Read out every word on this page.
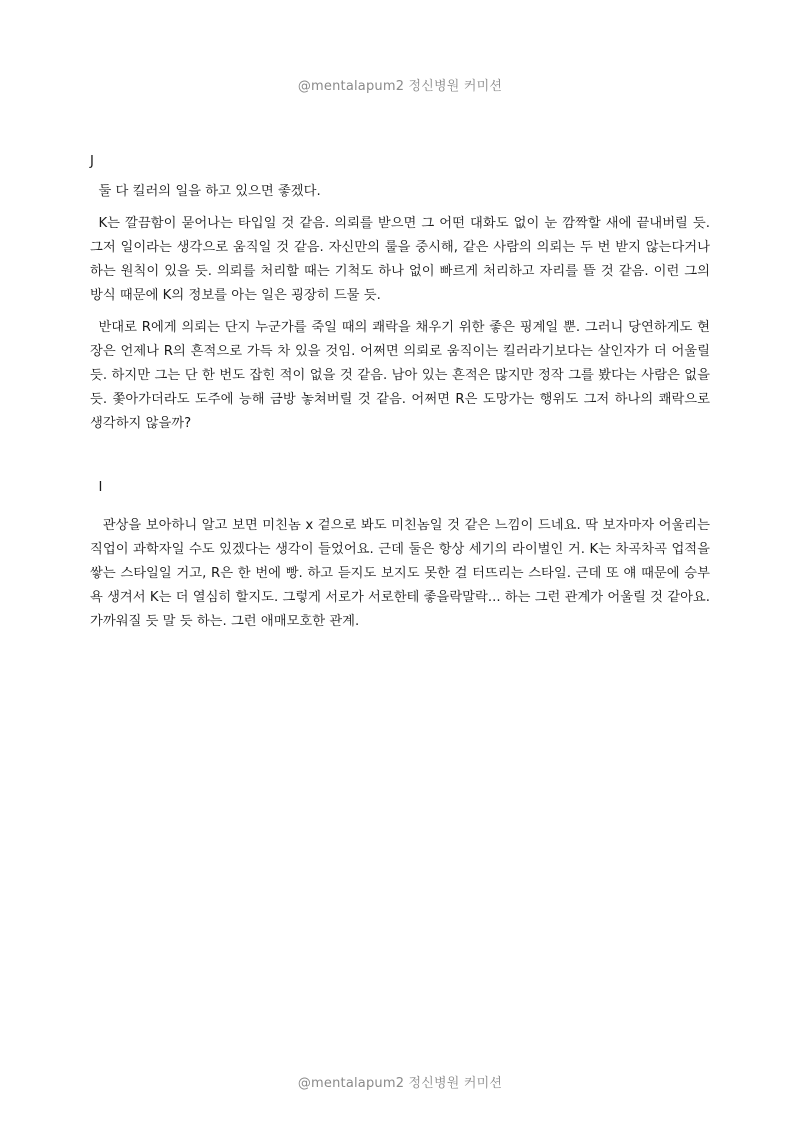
@mentalapum2 정신병원 커미션

J

둘 다 킬러의 일을 하고 있으면 좋겠다.

K는 깔끔함이 묻어나는 타입일 것 같음. 의뢰를 받으면 그 어떤 대화도 없이 눈 깜짝할 새에 끝내버릴 듯. 그저 일이라는 생각으로 움직일 것 같음. 자신만의 룰을 중시해, 같은 사람의 의뢰는 두 번 받지 않는다거나 하는 원칙이 있을 듯. 의뢰를 처리할 때는 기척도 하나 없이 빠르게 처리하고 자리를 뜰 것 같음. 이런 그의 방식 때문에 K의 정보를 아는 일은 굉장히 드물 듯.

반대로 R에게 의뢰는 단지 누군가를 죽일 때의 쾌락을 채우기 위한 좋은 핑계일 뿐. 그러니 당연하게도 현장은 언제나 R의 흔적으로 가득 차 있을 것임. 어쩌면 의뢰로 움직이는 킬러라기보다는 살인자가 더 어울릴 듯. 하지만 그는 단 한 번도 잡힌 적이 없을 것 같음. 남아 있는 흔적은 많지만 정작 그를 봤다는 사람은 없을 듯. 쫓아가더라도 도주에 능해 금방 놓쳐버릴 것 같음. 어쩌면 R은 도망가는 행위도 그저 하나의 쾌락으로 생각하지 않을까?

I

관상을 보아하니 알고 보면 미친놈 x 겉으로 봐도 미친놈일 것 같은 느낌이 드네요. 딱 보자마자 어울리는 직업이 과학자일 수도 있겠다는 생각이 들었어요. 근데 둘은 항상 세기의 라이벌인 거. K는 차곡차곡 업적을 쌓는 스타일일 거고, R은 한 번에 빵. 하고 듣지도 보지도 못한 걸 터뜨리는 스타일. 근데 또 얘 때문에 승부욕 생겨서 K는 더 열심히 할지도. 그렇게 서로가 서로한테 좋을락말락... 하는 그런 관계가 어울릴 것 같아요. 가까워질 듯 말 듯 하는. 그런 애매모호한 관계.

@mentalapum2 정신병원 커미션
